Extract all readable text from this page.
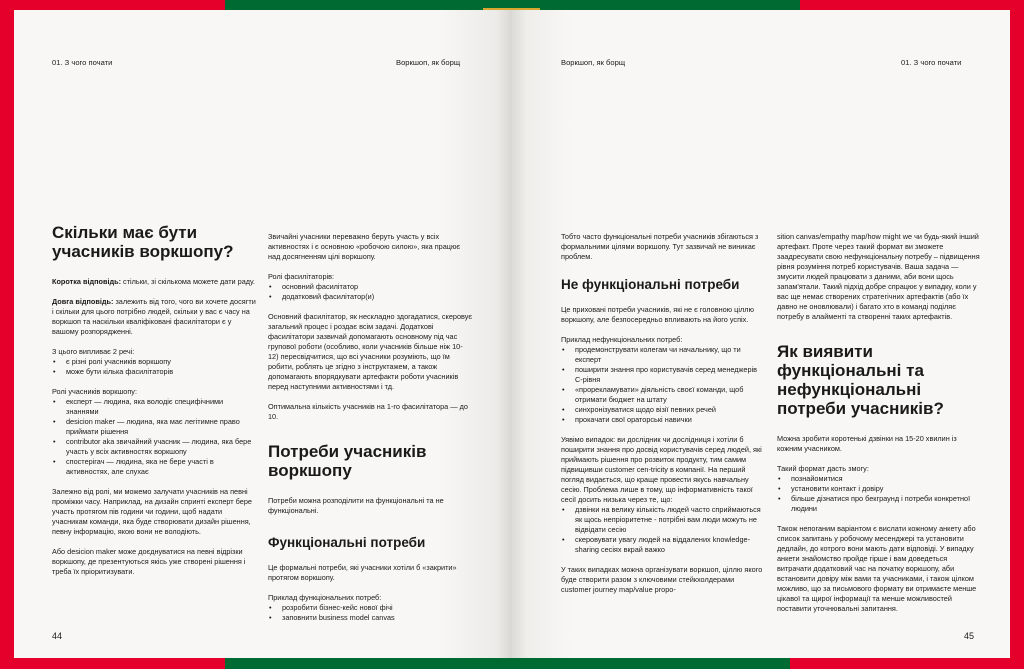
01. З чого почати	Воркшоп, як борщ
Скільки має бути учасників воркшопу?

Коротка відповідь: стільки, зі скількома можете дати раду.

Довга відповідь: залежить від того, чого ви хочете досягти і скільки для цього потрібно людей, скільки у вас є часу на воркшоп та наскільки кваліфіковані фасилітатори є у вашому розпорядженні.

З цього випливає 2 речі:

• є різні ролі учасників воркшопу
• може бути кілька фасилітаторів

Ролі учасників воркшопу:

• експерт — людина, яка володіє специфічними знаннями
• desicion maker — людина, яка має легітимне право приймати рішення
• contributor aka звичайний учасник — людина, яка бере участь у всіх активностях воркшопу
• спостерігач — людина, яка не бере участі в активностях, але слухає

Залежно від ролі, ми можемо залучати учасників на певні проміжки часу. Наприклад, на дизайн спринті експерт бере участь протягом пів години чи години, щоб надати учасникам команди, яка буде створювати дизайн рішення, певну інформацію, якою вони не володіють.

Або desicion maker може доєднуватися на певні відрізки воркшопу, де презентуються якісь уже створені рішення і треба їх пріоритизувати.

Звичайні учасники переважно беруть участь у всіх активностях і є основною «робочою силою», яка працює над досягненням цілі воркшопу.

Ролі фасилітаторів:

• основний фасилітатор
• додатковий фасилітатор(и)

Основний фасилітатор, як нескладно здогадатися, скеровує загальний процес і роздає всім задачі. Додаткові фасилітатори зазвичай допомагають основному під час групової роботи (особливо, коли учасників більше ніж 10-12) пересвідчитися, що всі учасники розуміють, що їм робити, роблять це згідно з інструктажем, а також допомагають впорядкувати артефакти роботи учасників перед наступними активностями і тд.

Оптимальна кількість учасників на 1-го фасилітатора — до 10.

Потреби учасників воркшопу

Потреби можна розподілити на функціональні та не функціональні.

Функціональні потреби

Це формальні потреби, які учасники хотіли б «закрити» протягом воркшопу.

Приклад функціональних потреб:

• розробити бізнес-кейс нової фічі
• заповнити business model canvas
44
Воркшоп, як борщ	01. З чого почати

Тобто часто функціональні потреби учасників збігаються з формальними цілями воркшопу. Тут зазвичай не виникає проблем.

Не функціональні потреби

Це приховані потреби учасників, які не є головною ціллю воркшопу, але безпосередньо впливають на його успіх.

Приклад нефункціональних потреб:

• продемонструвати колегам чи начальнику, що ти експерт
• поширити знання про користувачів серед менеджерів С-рівня
• «прорекламувати» діяльність своєї команди, щоб отримати бюджет на штату
• синхронізуватися щодо візії певних речей
• прокачати свої ораторські навички

Уявімо випадок: ви дослідник чи дослідниця і хотіли б поширити знання про досвід користувачів серед людей, які приймають рішення про розвиток продукту, тим самим підвищивши customer cen-tricity в компанії. На перший погляд видається, що краще провести якусь навчальну сесію. Проблема лише в тому, що інформативність такої сесії досить низька через те, що:

• дзвінки на велику кількість людей часто сприймаються як щось непріоритетне - потрібні вам люди можуть не відвідати сесію
• скеровувати увагу людей на віддалених knowledge-sharing сесіях вкрай важко

У таких випадках можна організувати воркшоп, ціллю якого буде створити разом з ключовими стейкхолдерами customer journey map/value propo-

sition canvas/empathy map/how might we чи будь-який інший артефакт. Проте через такий формат ви зможете заадресувати свою нефункціональну потребу – підвищення рівня розуміння потреб користувачів. Ваша задача — змусити людей працювати з даними, аби вони щось запам'ятали. Такий підхід добре спрацює у випадку, коли у вас ще немає створених стратегічних артефактів (або їх давно не оновлювали) і багато хто в команді поділяє потребу в алайменті та створенні таких артефактів.

Як виявити функціональні та нефункціональні потреби учасників?

Можна зробити коротенькі дзвінки на 15-20 хвилин із кожним учасником.

Такий формат дасть змогу:

• познайомитися
• установити контакт і довіру
• більше дізнатися про бекграунд і потреби конкретної людини

Також непоганим варіантом є вислати кожному анкету або список запитань у робочому месенджері та установити дедлайн, до котрого вони мають дати відповіді. У випадку анкети знайомство пройде гірше і вам доведеться витрачати додатковий час на початку воркшопу, аби встановити довіру між вами та учасниками, і також цілком можливо, що за письмового формату ви отримаєте менше цікавої та щирої інформації та менше можливостей поставити уточнювальні запитання.

45
